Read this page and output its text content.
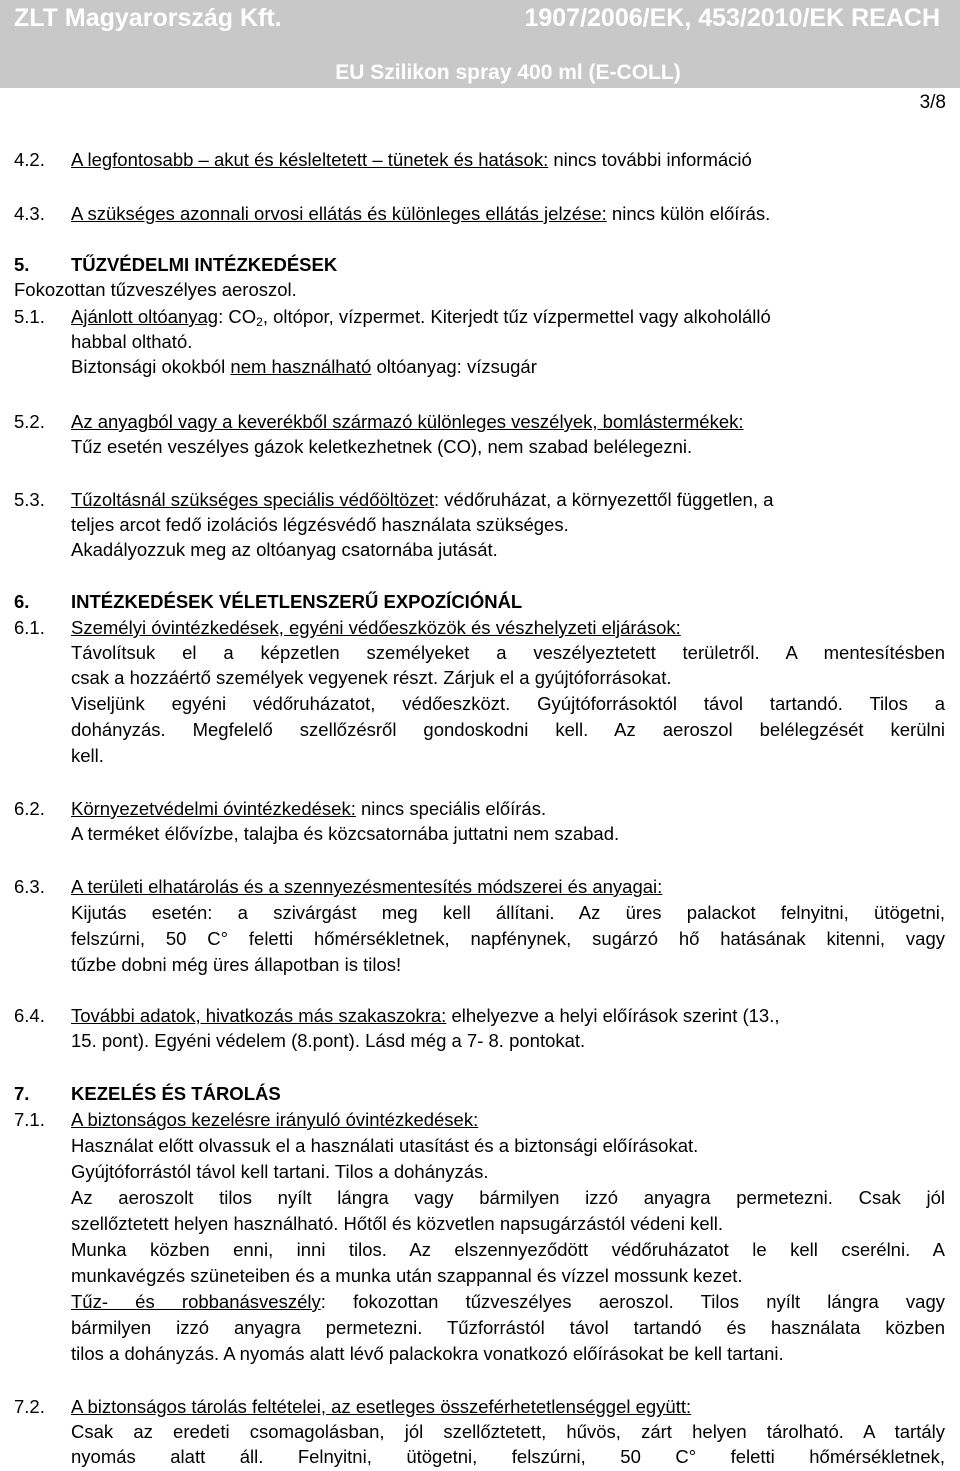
ZLT Magyarország Kft.	1907/2006/EK, 453/2010/EK REACH
EU Szilikon spray 400 ml (E-COLL)
3/8
4.2. A legfontosabb – akut és késleltetett – tünetek és hatások: nincs további információ
4.3. A szükséges azonnali orvosi ellátás és különleges ellátás jelzése: nincs külön előírás.
5. TŰZVÉDELMI INTÉZKEDÉSEK
Fokozottan tűzveszélyes aeroszol.
5.1. Ajánlott oltóanyag: $CO_2$, oltópor, vízpermet. Kiterjedt tűz vízpermettel vagy alkoholálló
habbal oltható.
Biztonsági okokból nem használható oltóanyag: vízsugár
5.2. Az anyagból vagy a keverékből származó különleges veszélyek, bomlástermékek:
Tűz esetén veszélyes gázok keletkezhetnek (CO), nem szabad belélegezni.
5.3. Tűzoltásnál szükséges speciális védőöltözet: védőruházat, a környezettől független, a
teljes arcot fedő izolációs légzésvédő használata szükséges.
Akadályozzuk meg az oltóanyag csatornába jutását.
6. INTÉZKEDÉSEK VÉLETLENSZERŰ EXPOZÍCIÓNÁL
6.1. Személyi óvintézkedések, egyéni védőeszközök és vészhelyzeti eljárások:
Távolítsuk el a képzetlen személyeket a veszélyeztetett területről. A mentesítésben
csak a hozzáértő személyek vegyenek részt. Zárjuk el a gyújtóforrásokat.
Viseljünk egyéni védőruházatot, védőeszközt. Gyújtóforrásoktól távol tartandó. Tilos a
dohányzás. Megfelelő szellőzésről gondoskodni kell. Az aeroszol belélegzését kerülni
kell.
6.2. Környezetvédelmi óvintézkedések: nincs speciális előírás.
A terméket élővízbe, talajba és közcsatornába juttatni nem szabad.
6.3. A területi elhatárolás és a szennyezésmentesítés módszerei és anyagai:
Kijutás esetén: a szivárgást meg kell állítani. Az üres palackot felnyitni, ütögetni,
felszúrni, 50 C° feletti hőmérsékletnek, napfénynek, sugárzó hő hatásának kitenni, vagy
tűzbe dobni még üres állapotban is tilos!
6.4. További adatok, hivatkozás más szakaszokra: elhelyezve a helyi előírások szerint (13.,
15. pont). Egyéni védelem (8.pont). Lásd még a 7- 8. pontokat.
7. KEZELÉS ÉS TÁROLÁS
7.1. A biztonságos kezelésre irányuló óvintézkedések:
Használat előtt olvassuk el a használati utasítást és a biztonsági előírásokat.
Gyújtóforrástól távol kell tartani. Tilos a dohányzás.
Az aeroszolt tilos nyílt lángra vagy bármilyen izzó anyagra permetezni. Csak jól
szellőztetett helyen használható. Hőtől és közvetlen napsugárzástól védeni kell.
Munka közben enni, inni tilos. Az elszennyeződött védőruházatot le kell cserélni. A
munkavégzés szüneteiben és a munka után szappannal és vízzel mossunk kezet.
Tűz- és robbanásveszély: fokozottan tűzveszélyes aeroszol. Tilos nyílt lángra vagy
bármilyen izzó anyagra permetezni. Tűzforrástól távol tartandó és használata közben
tilos a dohányzás. A nyomás alatt lévő palackokra vonatkozó előírásokat be kell tartani.
7.2. A biztonságos tárolás feltételei, az esetleges összeférhetetlenséggel együtt:
Csak az eredeti csomagolásban, jól szellőztetett, hűvös, zárt helyen tárolható. A tartály
nyomás alatt áll. Felnyitni, ütögetni, felszúrni, 50 C° feletti hőmérsékletnek,
